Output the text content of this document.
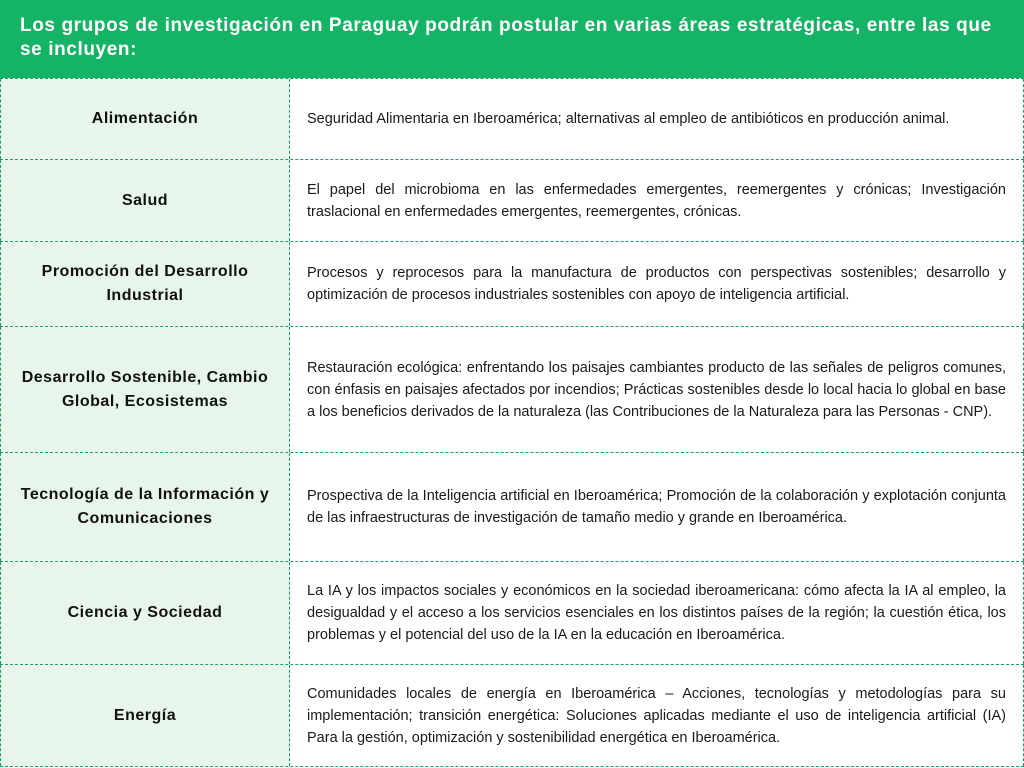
Los grupos de investigación en Paraguay podrán postular en varias áreas estratégicas, entre las que se incluyen:

Alimentación	Seguridad Alimentaria en Iberoamérica; alternativas al empleo de antibióticos en producción animal.

Salud

El papel del microbioma en las enfermedades emergentes, reemergentes y crónicas; Investigación traslacional en enfermedades emergentes, reemergentes, crónicas.

Promoción del Desarrollo Industrial

Procesos y reprocesos para la manufactura de productos con perspectivas sostenibles; desarrollo y optimización de procesos industriales sostenibles con apoyo de inteligencia artificial.

Desarrollo Sostenible, Cambio Global, Ecosistemas

Restauración ecológica: enfrentando los paisajes cambiantes producto de las señales de peligros comunes, con énfasis en paisajes afectados por incendios; Prácticas sostenibles desde lo local hacia lo global en base a los beneficios derivados de la naturaleza (las Contribuciones de la Naturaleza para las Personas - CNP).

Tecnología de la Información y Comunicaciones

Prospectiva de la Inteligencia artificial en Iberoamérica; Promoción de la colaboración y explotación conjunta de las infraestructuras de investigación de tamaño medio y grande en Iberoamérica.

Ciencia y Sociedad

La IA y los impactos sociales y económicos en la sociedad iberoamericana: cómo afecta la IA al empleo, la desigualdad y el acceso a los servicios esenciales en los distintos países de la región; la cuestión ética, los problemas y el potencial del uso de la IA en la educación en Iberoamérica.

Energía

Comunidades locales de energía en Iberoamérica – Acciones, tecnologías y metodologías para su implementación; transición energética: Soluciones aplicadas mediante el uso de inteligencia artificial (IA) Para la gestión, optimización y sostenibilidad energética en Iberoamérica.
